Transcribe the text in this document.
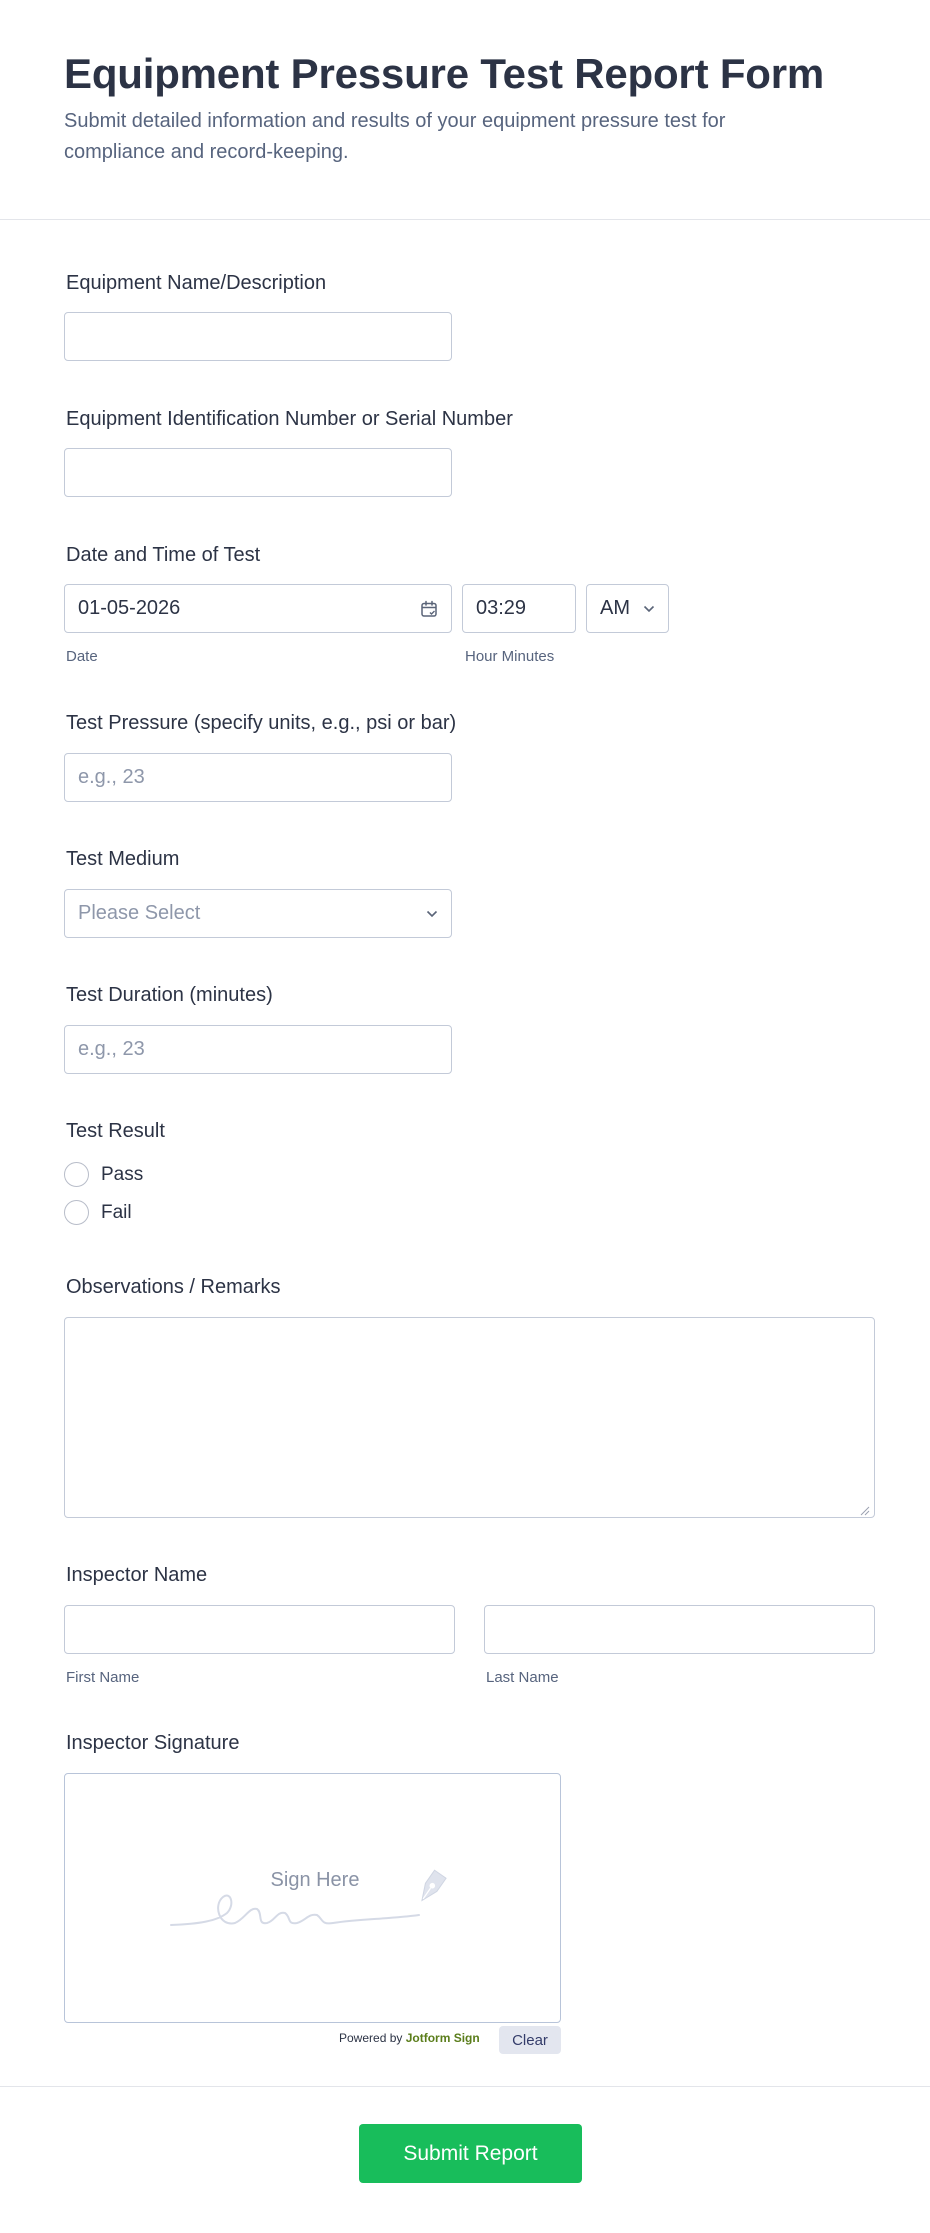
Equipment Pressure Test Report Form
Submit detailed information and results of your equipment pressure test for compliance and record-keeping.
Equipment Name/Description
Equipment Identification Number or Serial Number
Date and Time of Test
01-05-2026	03:29	AM
Date	Hour Minutes
Test Pressure (specify units, e.g., psi or bar)
e.g., 23
Test Medium
Please Select
Test Duration (minutes)
e.g., 23
Test Result
Pass
Fail
Observations / Remarks
Inspector Name
First Name	Last Name
Inspector Signature
Sign Here
Powered by Jotform Sign	Clear
Submit Report
